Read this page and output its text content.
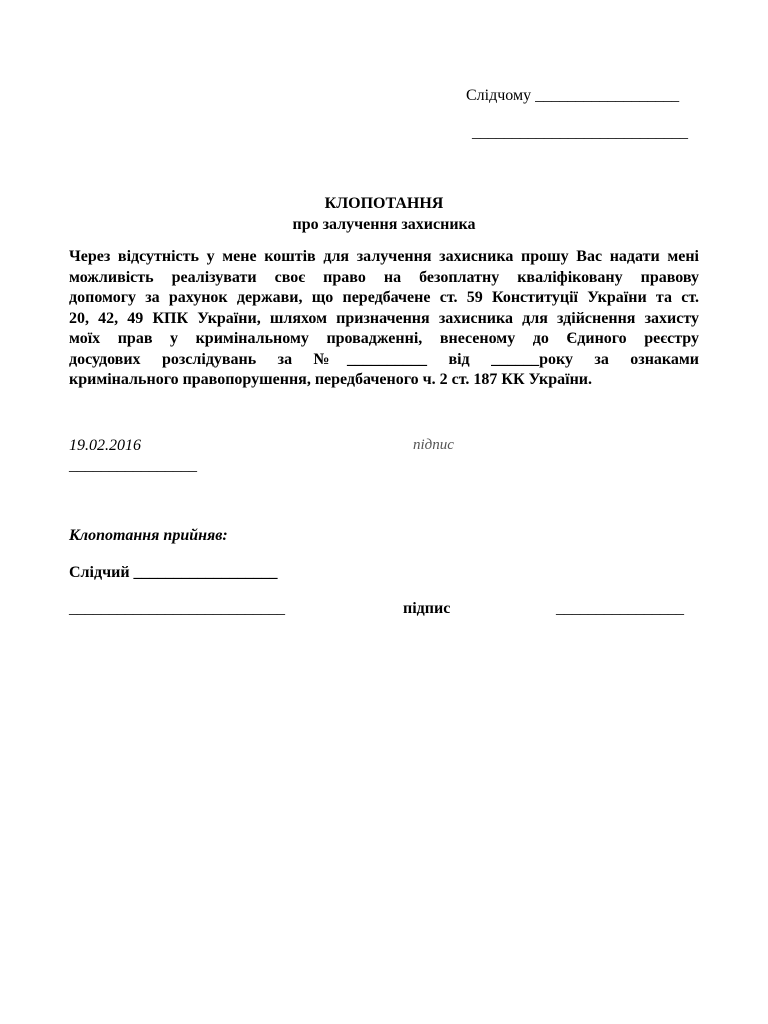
Слідчому __________________
___________________________
КЛОПОТАННЯ
про залучення захисника
Через відсутність у мене коштів для залучення захисника прошу Вас надати мені
можливість реалізувати своє право на безоплатну кваліфіковану правову
допомогу за рахунок держави, що передбачене ст. 59 Конституції України та ст.
20, 42, 49 КПК України, шляхом призначення захисника для здійснення захисту
моїх прав у кримінальному провадженні, внесеному до Єдиного реєстру
досудових розслідувань за №__________ від ______року за ознаками
кримінального правопорушення, передбаченого ч. 2 ст. 187 КК України.
19.02.2016	підпис
________________
Клопотання прийняв:
Слідчий __________________
___________________________	підпис	________________
